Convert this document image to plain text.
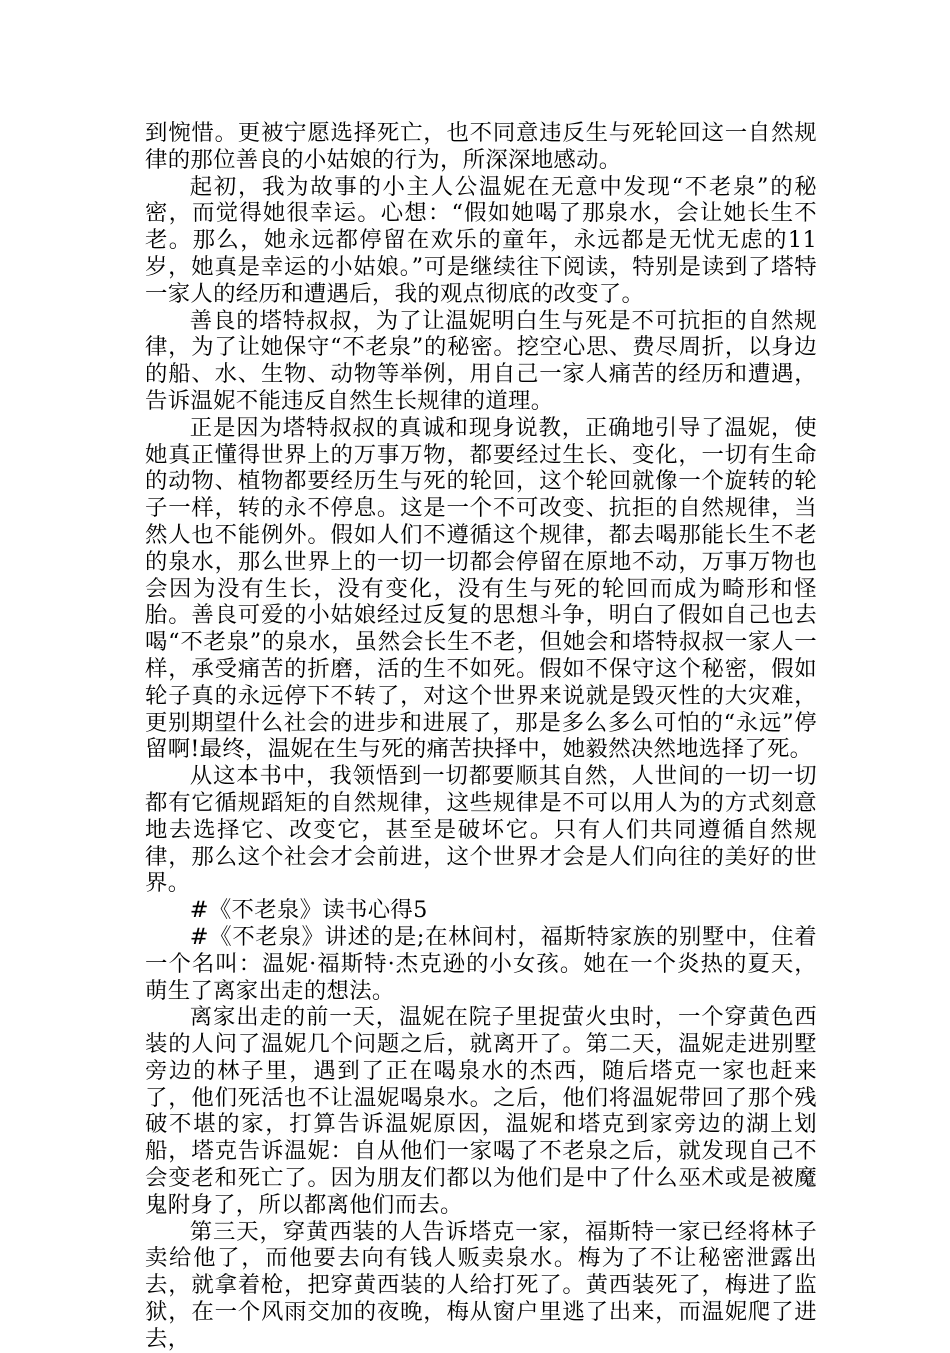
到惋惜。更被宁愿选择死亡，也不同意违反生与死轮回这一自然规律的那位善良的小姑娘的行为，所深深地感动。

起初，我为故事的小主人公温妮在无意中发现“不老泉”的秘密，而觉得她很幸运。心想：“假如她喝了那泉水，会让她长生不老。那么，她永远都停留在欢乐的童年，永远都是无忧无虑的11岁，她真是幸运的小姑娘。”可是继续往下阅读，特别是读到了塔特一家人的经历和遭遇后，我的观点彻底的改变了。

善良的塔特叔叔，为了让温妮明白生与死是不可抗拒的自然规律，为了让她保守“不老泉”的秘密。挖空心思、费尽周折，以身边的船、水、生物、动物等举例，用自己一家人痛苦的经历和遭遇，告诉温妮不能违反自然生长规律的道理。

正是因为塔特叔叔的真诚和现身说教，正确地引导了温妮，使她真正懂得世界上的万事万物，都要经过生长、变化，一切有生命的动物、植物都要经历生与死的轮回，这个轮回就像一个旋转的轮子一样，转的永不停息。这是一个不可改变、抗拒的自然规律，当然人也不能例外。假如人们不遵循这个规律，都去喝那能长生不老的泉水，那么世界上的一切一切都会停留在原地不动，万事万物也会因为没有生长，没有变化，没有生与死的轮回而成为畸形和怪胎。善良可爱的小姑娘经过反复的思想斗争，明白了假如自己也去喝“不老泉”的泉水，虽然会长生不老，但她会和塔特叔叔一家人一样，承受痛苦的折磨，活的生不如死。假如不保守这个秘密，假如轮子真的永远停下不转了，对这个世界来说就是毁灭性的大灾难，更别期望什么社会的进步和进展了，那是多么多么可怕的“永远”停留啊!最终，温妮在生与死的痛苦抉择中，她毅然决然地选择了死。

从这本书中，我领悟到一切都要顺其自然，人世间的一切一切都有它循规蹈矩的自然规律，这些规律是不可以用人为的方式刻意地去选择它、改变它，甚至是破坏它。只有人们共同遵循自然规律，那么这个社会才会前进，这个世界才会是人们向往的美好的世界。

#《不老泉》读书心得5

#《不老泉》讲述的是;在林间村，福斯特家族的别墅中，住着一个名叫：温妮·福斯特·杰克逊的小女孩。她在一个炎热的夏天，萌生了离家出走的想法。

离家出走的前一天，温妮在院子里捉萤火虫时，一个穿黄色西装的人问了温妮几个问题之后，就离开了。第二天，温妮走进别墅旁边的林子里，遇到了正在喝泉水的杰西，随后塔克一家也赶来了，他们死活也不让温妮喝泉水。之后，他们将温妮带回了那个残破不堪的家，打算告诉温妮原因，温妮和塔克到家旁边的湖上划船，塔克告诉温妮：自从他们一家喝了不老泉之后，就发现自己不会变老和死亡了。因为朋友们都以为他们是中了什么巫术或是被魔鬼附身了，所以都离他们而去。

第三天，穿黄西装的人告诉塔克一家，福斯特一家已经将林子卖给他了，而他要去向有钱人贩卖泉水。梅为了不让秘密泄露出去，就拿着枪，把穿黄西装的人给打死了。黄西装死了，梅进了监狱，在一个风雨交加的夜晚，梅从窗户里逃了出来，而温妮爬了进去，
